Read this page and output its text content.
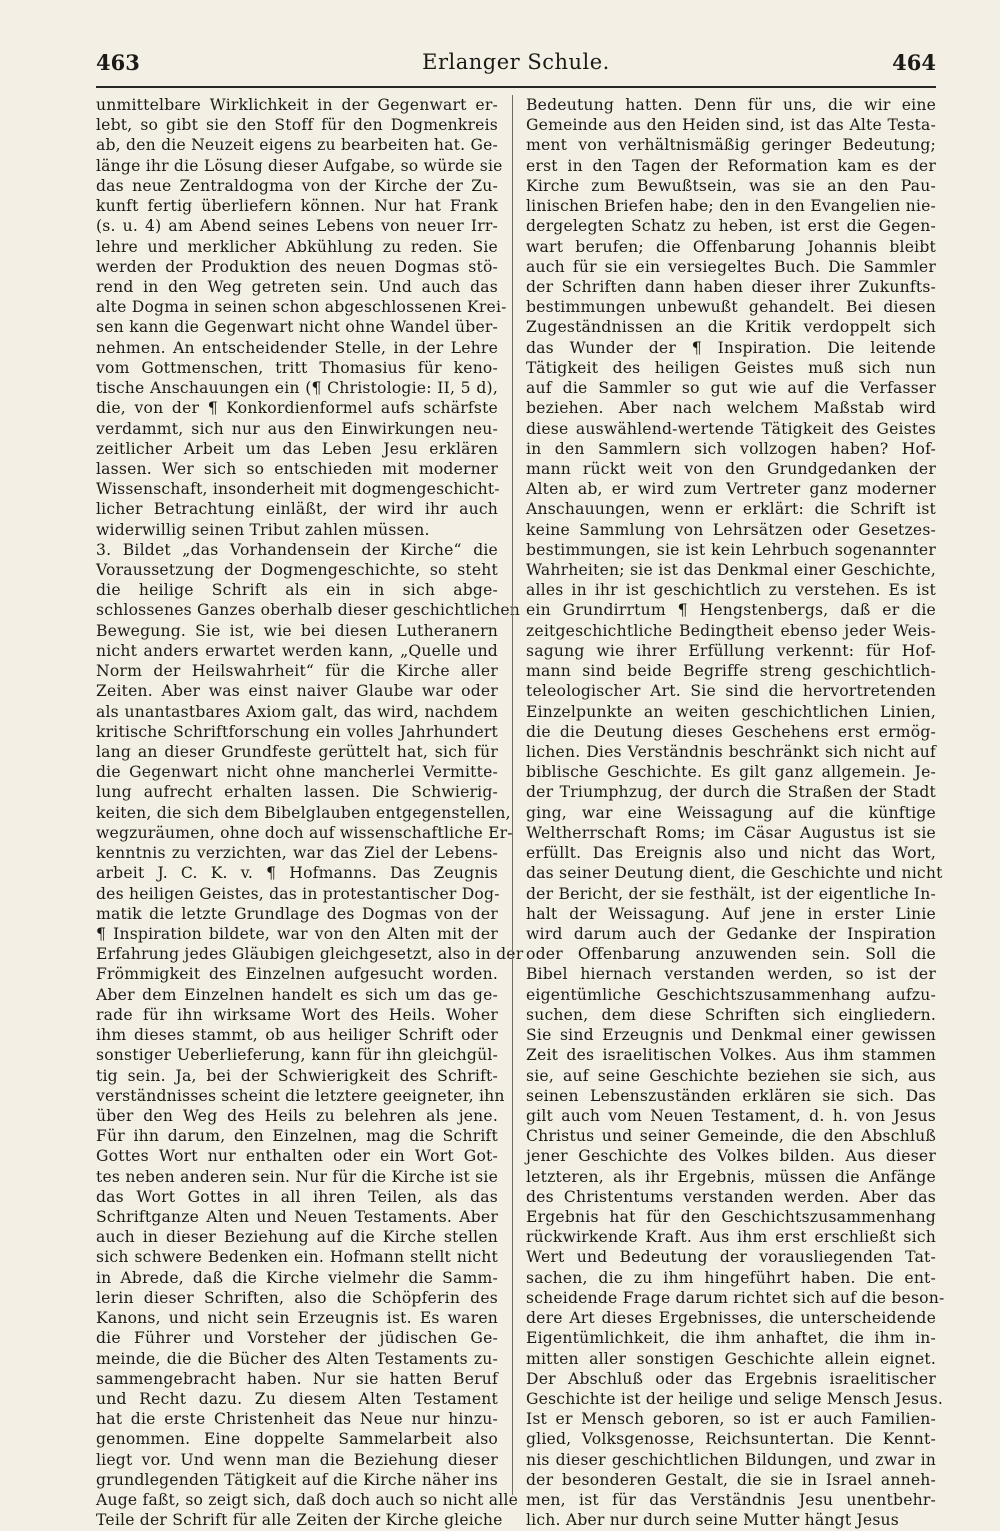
463	Erlanger Schule.	464
unmittelbare Wirklichkeit in der Gegenwart er-
lebt, so gibt sie den Stoff für den Dogmenkreis
ab, den die Neuzeit eigens zu bearbeiten hat. Ge-
länge ihr die Lösung dieser Aufgabe, so würde sie
das neue Zentraldogma von der Kirche der Zu-
kunft fertig überliefern können. Nur hat Frank
(s. u. 4) am Abend seines Lebens von neuer Irr-
lehre und merklicher Abkühlung zu reden. Sie
werden der Produktion des neuen Dogmas stö-
rend in den Weg getreten sein. Und auch das
alte Dogma in seinen schon abgeschlossenen Krei-
sen kann die Gegenwart nicht ohne Wandel über-
nehmen. An entscheidender Stelle, in der Lehre
vom Gottmenschen, tritt Thomasius für keno-
tische Anschauungen ein (¶ Christologie: II, 5 d),
die, von der ¶ Konkordienformel aufs schärfste
verdammt, sich nur aus den Einwirkungen neu-
zeitlicher Arbeit um das Leben Jesu erklären
lassen. Wer sich so entschieden mit moderner
Wissenschaft, insonderheit mit dogmengeschicht-
licher Betrachtung einläßt, der wird ihr auch
widerwillig seinen Tribut zahlen müssen.
3. Bildet „das Vorhandensein der Kirche“ die
Voraussetzung der Dogmengeschichte, so steht
die heilige Schrift als ein in sich abge-
schlossenes Ganzes oberhalb dieser geschichtlichen
Bewegung. Sie ist, wie bei diesen Lutheranern
nicht anders erwartet werden kann, „Quelle und
Norm der Heilswahrheit“ für die Kirche aller
Zeiten. Aber was einst naiver Glaube war oder
als unantastbares Axiom galt, das wird, nachdem
kritische Schriftforschung ein volles Jahrhundert
lang an dieser Grundfeste gerüttelt hat, sich für
die Gegenwart nicht ohne mancherlei Vermitte-
lung aufrecht erhalten lassen. Die Schwierig-
keiten, die sich dem Bibelglauben entgegenstellen,
wegzuräumen, ohne doch auf wissenschaftliche Er-
kenntnis zu verzichten, war das Ziel der Lebens-
arbeit J. C. K. v. ¶ Hofmanns. Das Zeugnis
des heiligen Geistes, das in protestantischer Dog-
matik die letzte Grundlage des Dogmas von der
¶ Inspiration bildete, war von den Alten mit der
Erfahrung jedes Gläubigen gleichgesetzt, also in der
Frömmigkeit des Einzelnen aufgesucht worden.
Aber dem Einzelnen handelt es sich um das ge-
rade für ihn wirksame Wort des Heils. Woher
ihm dieses stammt, ob aus heiliger Schrift oder
sonstiger Ueberlieferung, kann für ihn gleichgül-
tig sein. Ja, bei der Schwierigkeit des Schrift-
verständnisses scheint die letztere geeigneter, ihn
über den Weg des Heils zu belehren als jene.
Für ihn darum, den Einzelnen, mag die Schrift
Gottes Wort nur enthalten oder ein Wort Got-
tes neben anderen sein. Nur für die Kirche ist sie
das Wort Gottes in all ihren Teilen, als das
Schriftganze Alten und Neuen Testaments. Aber
auch in dieser Beziehung auf die Kirche stellen
sich schwere Bedenken ein. Hofmann stellt nicht
in Abrede, daß die Kirche vielmehr die Samm-
lerin dieser Schriften, also die Schöpferin des
Kanons, und nicht sein Erzeugnis ist. Es waren
die Führer und Vorsteher der jüdischen Ge-
meinde, die die Bücher des Alten Testaments zu-
sammengebracht haben. Nur sie hatten Beruf
und Recht dazu. Zu diesem Alten Testament
hat die erste Christenheit das Neue nur hinzu-
genommen. Eine doppelte Sammelarbeit also
liegt vor. Und wenn man die Beziehung dieser
grundlegenden Tätigkeit auf die Kirche näher ins
Auge faßt, so zeigt sich, daß doch auch so nicht alle
Teile der Schrift für alle Zeiten der Kirche gleiche
Bedeutung hatten. Denn für uns, die wir eine
Gemeinde aus den Heiden sind, ist das Alte Testa-
ment von verhältnismäßig geringer Bedeutung;
erst in den Tagen der Reformation kam es der
Kirche zum Bewußtsein, was sie an den Pau-
linischen Briefen habe; den in den Evangelien nie-
dergelegten Schatz zu heben, ist erst die Gegen-
wart berufen; die Offenbarung Johannis bleibt
auch für sie ein versiegeltes Buch. Die Sammler
der Schriften dann haben dieser ihrer Zukunfts-
bestimmungen unbewußt gehandelt. Bei diesen
Zugeständnissen an die Kritik verdoppelt sich
das Wunder der ¶ Inspiration. Die leitende
Tätigkeit des heiligen Geistes muß sich nun
auf die Sammler so gut wie auf die Verfasser
beziehen. Aber nach welchem Maßstab wird
diese auswählend-wertende Tätigkeit des Geistes
in den Sammlern sich vollzogen haben? Hof-
mann rückt weit von den Grundgedanken der
Alten ab, er wird zum Vertreter ganz moderner
Anschauungen, wenn er erklärt: die Schrift ist
keine Sammlung von Lehrsätzen oder Gesetzes-
bestimmungen, sie ist kein Lehrbuch sogenannter
Wahrheiten; sie ist das Denkmal einer Geschichte,
alles in ihr ist geschichtlich zu verstehen. Es ist
ein Grundirrtum ¶ Hengstenbergs, daß er die
zeitgeschichtliche Bedingtheit ebenso jeder Weis-
sagung wie ihrer Erfüllung verkennt: für Hof-
mann sind beide Begriffe streng geschichtlich-
teleologischer Art. Sie sind die hervortretenden
Einzelpunkte an weiten geschichtlichen Linien,
die die Deutung dieses Geschehens erst ermög-
lichen. Dies Verständnis beschränkt sich nicht auf
biblische Geschichte. Es gilt ganz allgemein. Je-
der Triumphzug, der durch die Straßen der Stadt
ging, war eine Weissagung auf die künftige
Weltherrschaft Roms; im Cäsar Augustus ist sie
erfüllt. Das Ereignis also und nicht das Wort,
das seiner Deutung dient, die Geschichte und nicht
der Bericht, der sie festhält, ist der eigentliche In-
halt der Weissagung. Auf jene in erster Linie
wird darum auch der Gedanke der Inspiration
oder Offenbarung anzuwenden sein. Soll die
Bibel hiernach verstanden werden, so ist der
eigentümliche Geschichtszusammenhang aufzu-
suchen, dem diese Schriften sich eingliedern.
Sie sind Erzeugnis und Denkmal einer gewissen
Zeit des israelitischen Volkes. Aus ihm stammen
sie, auf seine Geschichte beziehen sie sich, aus
seinen Lebenszuständen erklären sie sich. Das
gilt auch vom Neuen Testament, d. h. von Jesus
Christus und seiner Gemeinde, die den Abschluß
jener Geschichte des Volkes bilden. Aus dieser
letzteren, als ihr Ergebnis, müssen die Anfänge
des Christentums verstanden werden. Aber das
Ergebnis hat für den Geschichtszusammenhang
rückwirkende Kraft. Aus ihm erst erschließt sich
Wert und Bedeutung der vorausliegenden Tat-
sachen, die zu ihm hingeführt haben. Die ent-
scheidende Frage darum richtet sich auf die beson-
dere Art dieses Ergebnisses, die unterscheidende
Eigentümlichkeit, die ihm anhaftet, die ihm in-
mitten aller sonstigen Geschichte allein eignet.
Der Abschluß oder das Ergebnis israelitischer
Geschichte ist der heilige und selige Mensch Jesus.
Ist er Mensch geboren, so ist er auch Familien-
glied, Volksgenosse, Reichsuntertan. Die Kennt-
nis dieser geschichtlichen Bildungen, und zwar in
der besonderen Gestalt, die sie in Israel anneh-
men, ist für das Verständnis Jesu unentbehr-
lich. Aber nur durch seine Mutter hängt Jesus
